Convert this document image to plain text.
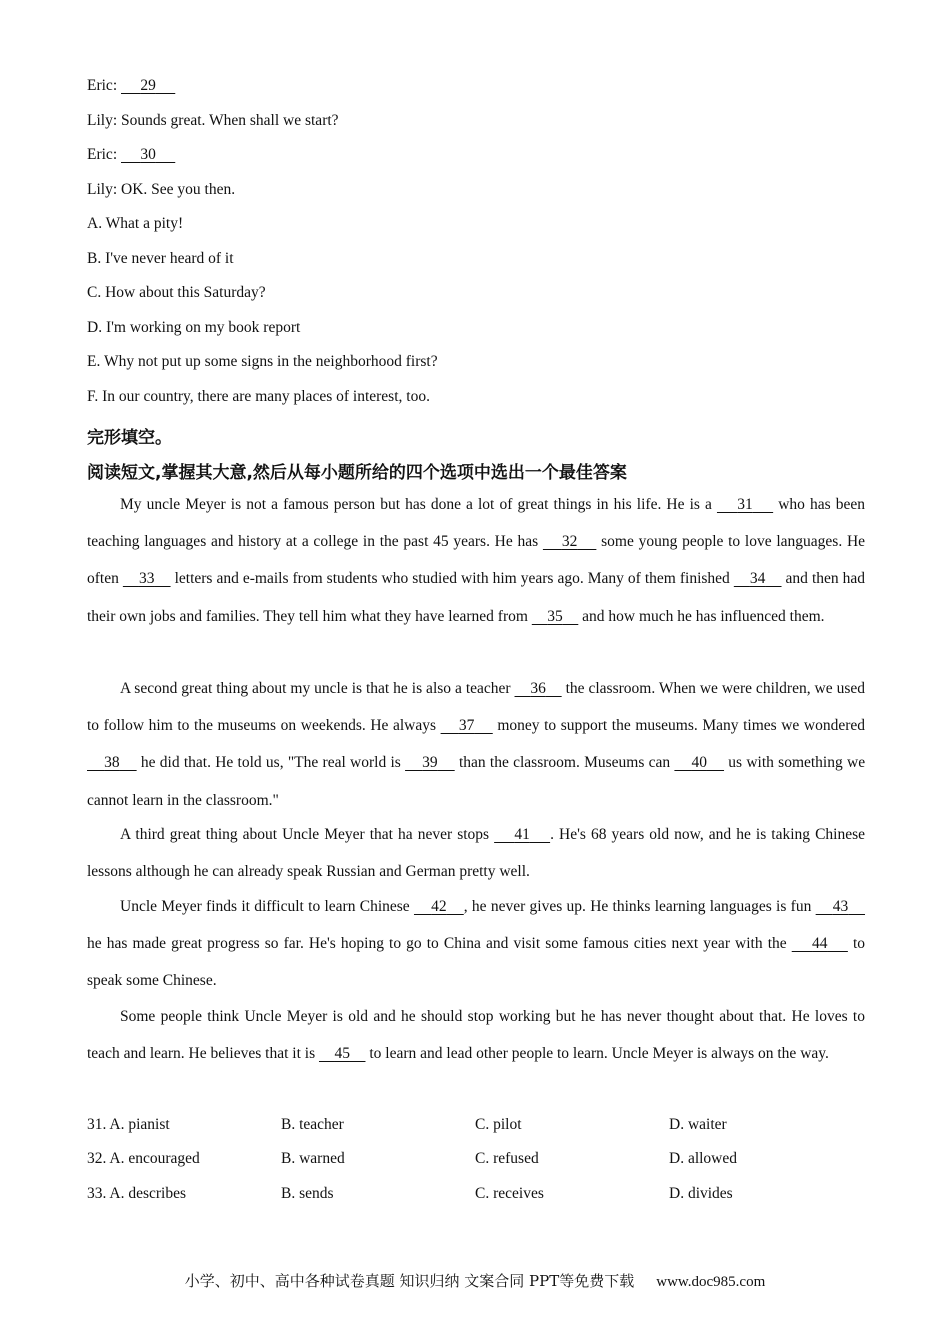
Eric: 29
Lily: Sounds great. When shall we start?
Eric: 30
Lily: OK. See you then.
A. What a pity!
B. I've never heard of it
C. How about this Saturday?
D. I'm working on my book report
E. Why not put up some signs in the neighborhood first?
F. In our country, there are many places of interest, too.
完形填空。
阅读短文,掌握其大意,然后从每小题所给的四个选项中选出一个最佳答案

My uncle Meyer is not a famous person but has done a lot of great things in his life. He is a     31     who has been teaching languages and history at a college in the past 45 years. He has     32     some young people to love languages. He often     33     letters and e-mails from students who studied with him years ago. Many of them finished     34     and then had their own jobs and families. They tell him what they have learned from     35     and how much he has influenced them.

A second great thing about my uncle is that he is also a teacher     36     the classroom. When we were children, we used to follow him to the museums on weekends. He always     37     money to support the museums. Many times we wondered     38     he did that. He told us, "The real world is     39     than the classroom. Museums can     40     us with something we cannot learn in the classroom."

A third great thing about Uncle Meyer that ha never stops     41 . He's 68 years old now, and he is taking Chinese lessons although he can already speak Russian and German pretty well.

Uncle Meyer finds it difficult to learn Chinese     42 , he never gives up. He thinks learning languages is fun     43     he has made great progress so far. He's hoping to go to China and visit some famous cities next year with the     44     to speak some Chinese.

Some people think Uncle Meyer is old and he should stop working but he has never thought about that. He loves to teach and learn. He believes that it is     45     to learn and lead other people to learn. Uncle Meyer is always on the way.

31. A. pianist	B. teacher	C. pilot	D. waiter
32. A. encouraged	B. warned	C. refused	D. allowed
33. A. describes	B. sends	C. receives	D. divides
小学、初中、高中各种试卷真题 知识归纳 文案合同 PPT等免费下载 www.doc985.com
